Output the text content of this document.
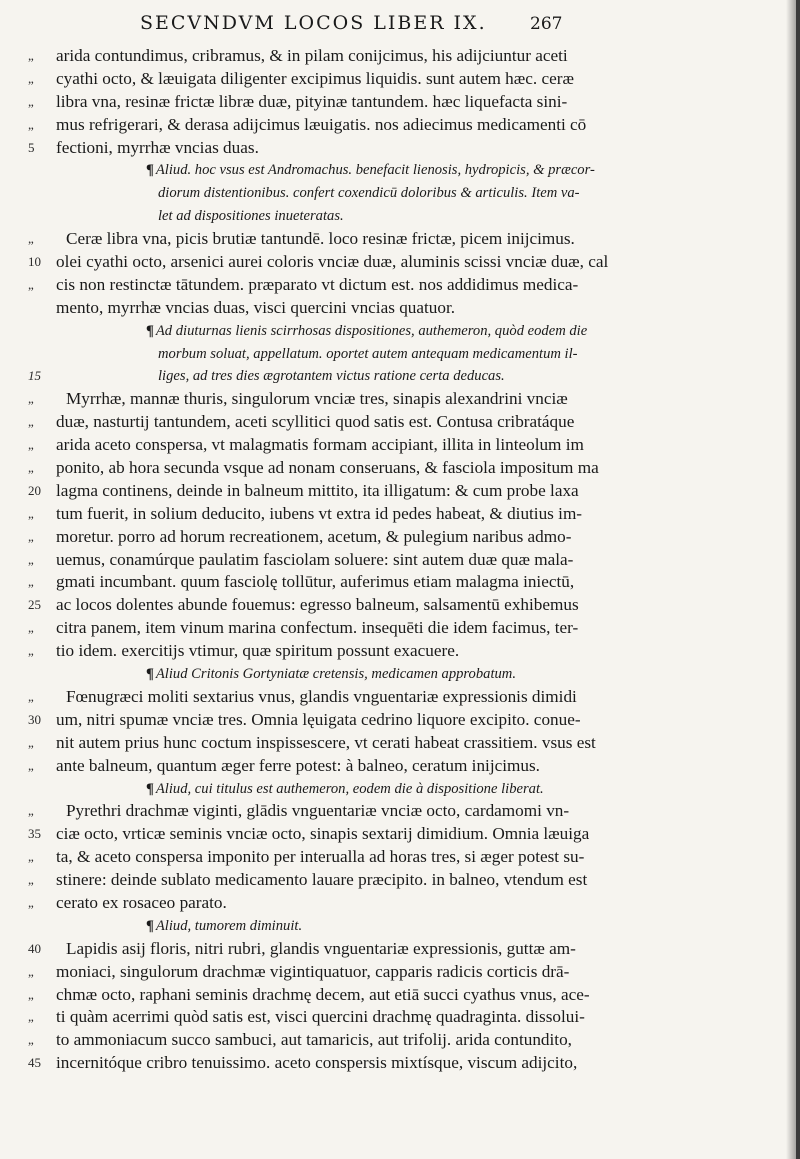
SECVNDVM LOCOS LIBER IX.	267
„	arida contundimus, cribramus, & in pilam conijcimus, his adijciuntur aceti
„	cyathi octo, & læuigata diligenter excipimus liquidis. sunt autem hæc. ceræ
„	libra vna, resinæ frictæ libræ duæ, pityinæ tantundem. hæc liquefacta sini-
„	mus refrigerari, & derasa adijcimus læuigatis. nos adiecimus medicamenti cō
5	fectioni, myrrhæ vncias duas.
¶ Aliud. hoc vsus est Andromachus. benefacit lienosis, hydropicis, & præcor-
diorum distentionibus. confert coxendicū doloribus & articulis. Item va-
let ad dispositiones inueteratas.
„	Ceræ libra vna, picis brutiæ tantundē. loco resinæ frictæ, picem inijcimus.
10 olei cyathi octo, arsenici aurei coloris vnciæ duæ, aluminis scissi vnciæ duæ, cal
„	cis non restinctæ tātundem. præparato vt dictum est. nos addidimus medica-
mento, myrrhæ vncias duas, visci quercini vncias quatuor.
¶ Ad diuturnas lienis scirrhosas dispositiones, authemeron, quòd eodem die
morbum soluat, appellatum. oportet autem antequam medicamentum il-
15	liges, ad tres dies ægrotantem victus ratione certa deducas.
„	Myrrhæ, mannæ thuris, singulorum vnciæ tres, sinapis alexandrini vnciæ
„	duæ, nasturtij tantundem, aceti scyllitici quod satis est. Contusa cribratáque
„	arida aceto conspersa, vt malagmatis formam accipiant, illita in linteolum im
„	ponito, ab hora secunda vsque ad nonam conseruans, & fasciola impositum ma
20 lagma continens, deinde in balneum mittito, ita illigatum: & cum probe laxa
„	tum fuerit, in solium deducito, iubens vt extra id pedes habeat, & diutius im-
„	moretur. porro ad horum recreationem, acetum, & pulegium naribus admo-
„	uemus, conamúrque paulatim fasciolam soluere: sint autem duæ quæ mala-
„	gmati incumbant. quum fasciolę tollūtur, auferimus etiam malagma iniectū,
25 ac locos dolentes abunde fouemus: egresso balneum, salsamentū exhibemus
„	citra panem, item vinum marina confectum. insequēti die idem facimus, ter-
„	tio idem. exercitijs vtimur, quæ spiritum possunt exacuere.
¶ Aliud Critonis Gortyniatæ cretensis, medicamen approbatum.
„	Fœnugræci moliti sextarius vnus, glandis vnguentariæ expressionis dimidi
30 um, nitri spumæ vnciæ tres. Omnia lęuigata cedrino liquore excipito. conue-
„	nit autem prius hunc coctum inspissescere, vt cerati habeat crassitiem. vsus est
„	ante balneum, quantum æger ferre potest: à balneo, ceratum inijcimus.
¶ Aliud, cui titulus est authemeron, eodem die à dispositione liberat.
„	Pyrethri drachmæ viginti, glādis vnguentariæ vnciæ octo, cardamomi vn-
35 ciæ octo, vrticæ seminis vnciæ octo, sinapis sextarij dimidium. Omnia læuiga
„	ta, & aceto conspersa imponito per interualla ad horas tres, si æger potest su-
„	stinere: deinde sublato medicamento lauare præcipito. in balneo, vtendum est
„	cerato ex rosaceo parato.
¶ Aliud, tumorem diminuit.
40	Lapidis asij floris, nitri rubri, glandis vnguentariæ expressionis, guttæ am-
„	moniaci, singulorum drachmæ vigintiquatuor, capparis radicis corticis drā-
„	chmæ octo, raphani seminis drachmę decem, aut etiā succi cyathus vnus, ace-
„	ti quàm acerrimi quòd satis est, visci quercini drachmę quadraginta. dissolui-
„	to ammoniacum succo sambuci, aut tamaricis, aut trifolij. arida contundito,
45 incernitóque cribro tenuissimo. aceto conspersis mixtísque, viscum adijcito,
